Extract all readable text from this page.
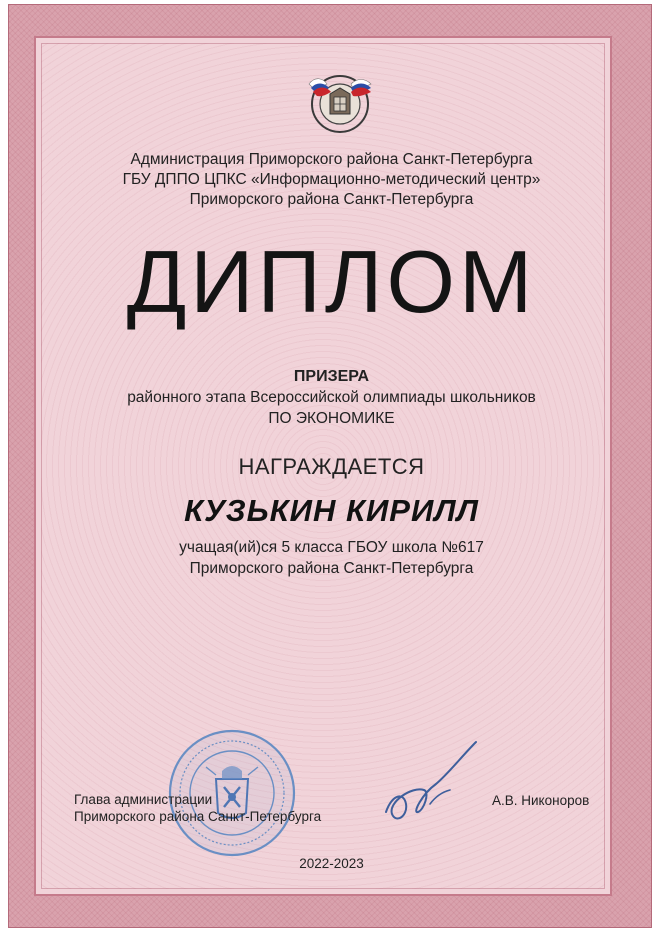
Администрация Приморского района Санкт-Петербурга
ГБУ ДППО ЦПКС «Информационно-методический центр»
Приморского района Санкт-Петербурга
ДИПЛОМ
ПРИЗЕРА
районного этапа Всероссийской олимпиады школьников
ПО ЭКОНОМИКЕ
НАГРАЖДАЕТСЯ
КУЗЬКИН КИРИЛЛ
учащая(ий)ся 5 класса ГБОУ школа №617
Приморского района Санкт-Петербурга
Глава администрации
Приморского района Санкт-Петербурга
А.В. Никоноров
2022-2023
